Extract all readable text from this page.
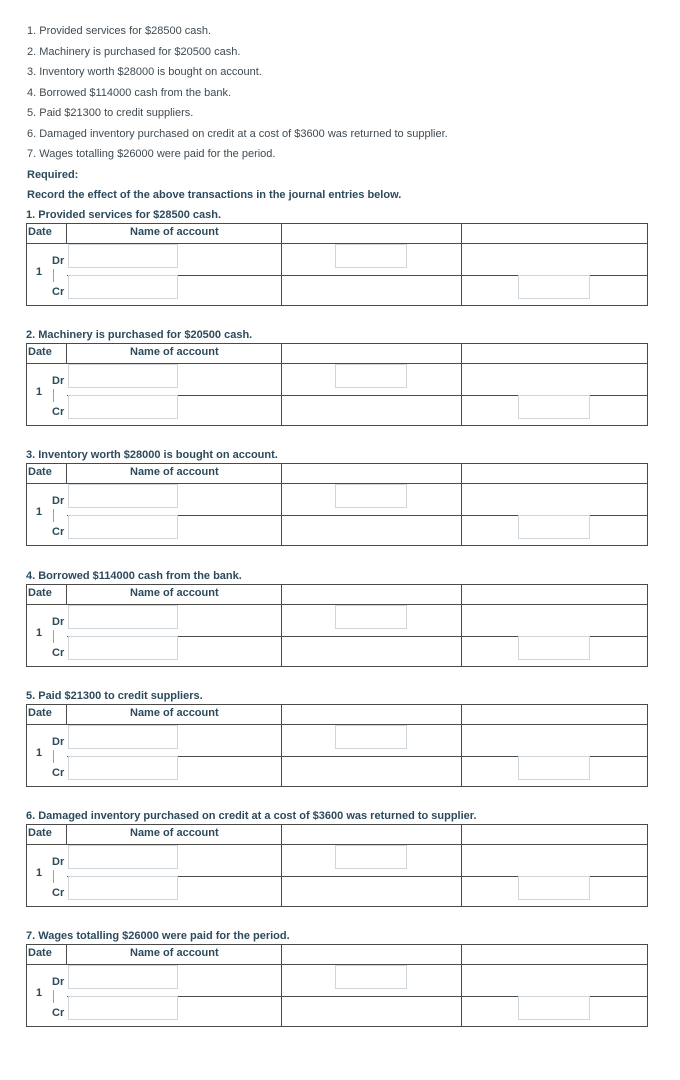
1. Provided services for $28500 cash.
2. Machinery is purchased for $20500 cash.
3. Inventory worth $28000 is bought on account.
4. Borrowed $114000 cash from the bank.
5. Paid $21300 to credit suppliers.
6. Damaged inventory purchased on credit at a cost of $3600 was returned to supplier.
7. Wages totalling $26000 were paid for the period.
Required:
Record the effect of the above transactions in the journal entries below.
1. Provided services for $28500 cash.
Date	Name of account
1
Dr
Cr
2. Machinery is purchased for $20500 cash.
Date	Name of account
1
Dr
Cr
3. Inventory worth $28000 is bought on account.
Date	Name of account
1
Dr
Cr
4. Borrowed $114000 cash from the bank.
Date	Name of account
1
Dr
Cr
5. Paid $21300 to credit suppliers.
Date	Name of account
1
Dr
Cr
6. Damaged inventory purchased on credit at a cost of $3600 was returned to supplier.
Date	Name of account
1
Dr
Cr
7. Wages totalling $26000 were paid for the period.
Date	Name of account
1
Dr
Cr
